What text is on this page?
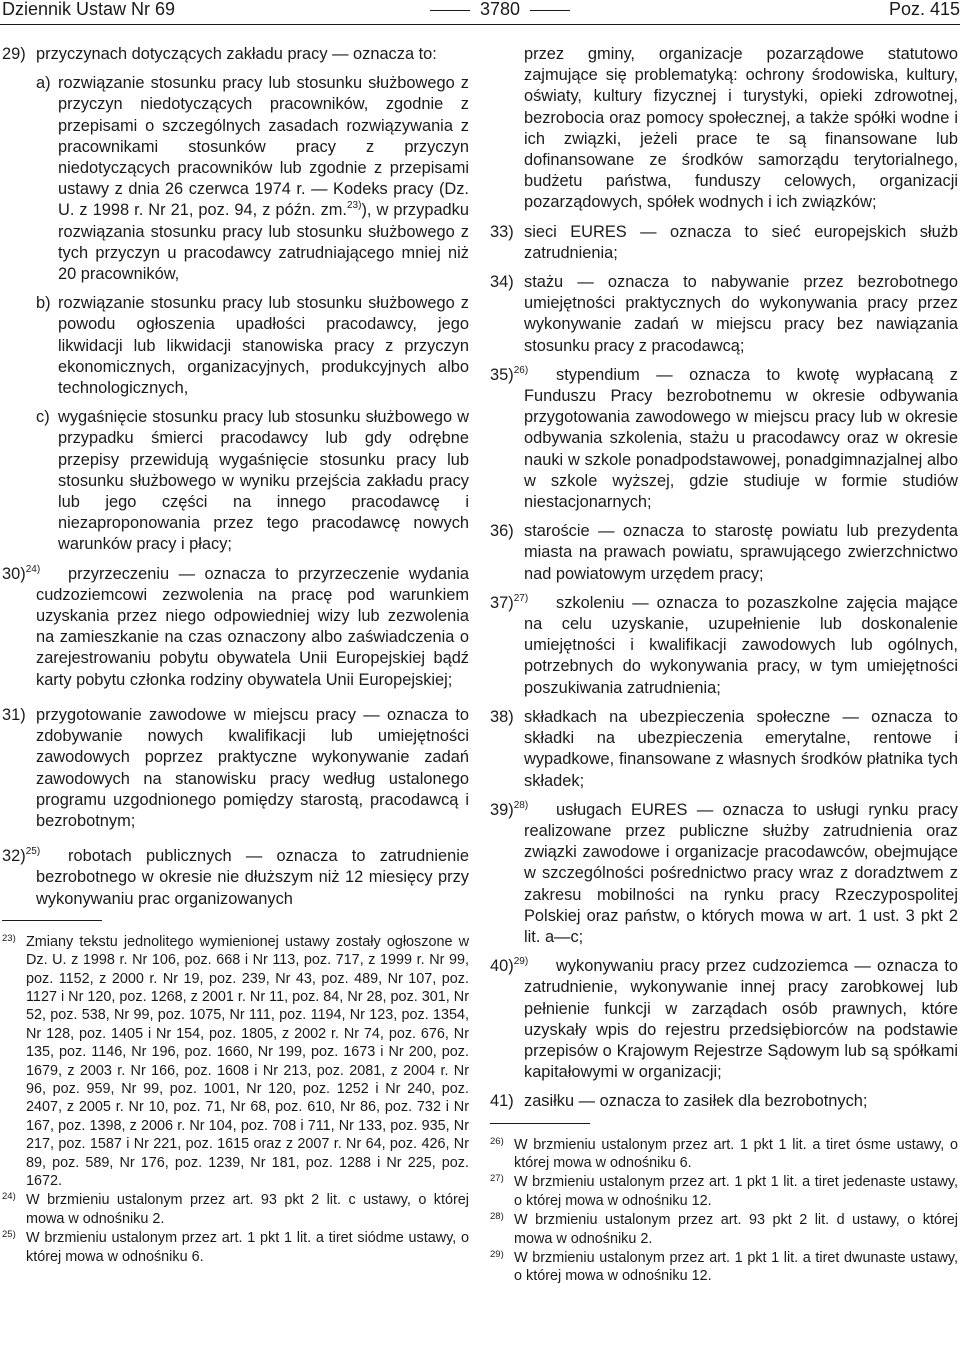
Dziennik Ustaw Nr 69	3780	Poz. 415
29) przyczynach dotyczących zakładu pracy — oznacza to:
a) rozwiązanie stosunku pracy lub stosunku służbowego z przyczyn niedotyczących pracowników, zgodnie z przepisami o szczególnych zasadach rozwiązywania z pracownikami stosunków pracy z przyczyn niedotyczących pracowników lub zgodnie z przepisami ustawy z dnia 26 czerwca 1974 r. — Kodeks pracy (Dz. U. z 1998 r. Nr 21, poz. 94, z późn. zm.$^{23)}$), w przypadku rozwiązania stosunku pracy lub stosunku służbowego z tych przyczyn u pracodawcy zatrudniającego mniej niż 20 pracowników,
b) rozwiązanie stosunku pracy lub stosunku służbowego z powodu ogłoszenia upadłości pracodawcy, jego likwidacji lub likwidacji stanowiska pracy z przyczyn ekonomicznych, organizacyjnych, produkcyjnych albo technologicznych,
c) wygaśnięcie stosunku pracy lub stosunku służbowego w przypadku śmierci pracodawcy lub gdy odrębne przepisy przewidują wygaśnięcie stosunku pracy lub stosunku służbowego w wyniku przejścia zakładu pracy lub jego części na innego pracodawcę i niezaproponowania przez tego pracodawcę nowych warunków pracy i płacy;
30)$^{24)}$ przyrzeczeniu — oznacza to przyrzeczenie wydania cudzoziemcowi zezwolenia na pracę pod warunkiem uzyskania przez niego odpowiedniej wizy lub zezwolenia na zamieszkanie na czas oznaczony albo zaświadczenia o zarejestrowaniu pobytu obywatela Unii Europejskiej bądź karty pobytu członka rodziny obywatela Unii Europejskiej;
31) przygotowanie zawodowe w miejscu pracy — oznacza to zdobywanie nowych kwalifikacji lub umiejętności zawodowych poprzez praktyczne wykonywanie zadań zawodowych na stanowisku pracy według ustalonego programu uzgodnionego pomiędzy starostą, pracodawcą i bezrobotnym;
32)$^{25)}$ robotach publicznych — oznacza to zatrudnienie bezrobotnego w okresie nie dłuższym niż 12 miesięcy przy wykonywaniu prac organizowanych
23) Zmiany tekstu jednolitego wymienionej ustawy zostały ogłoszone w Dz. U. z 1998 r. Nr 106, poz. 668 i Nr 113, poz. 717, z 1999 r. Nr 99, poz. 1152, z 2000 r. Nr 19, poz. 239, Nr 43, poz. 489, Nr 107, poz. 1127 i Nr 120, poz. 1268, z 2001 r. Nr 11, poz. 84, Nr 28, poz. 301, Nr 52, poz. 538, Nr 99, poz. 1075, Nr 111, poz. 1194, Nr 123, poz. 1354, Nr 128, poz. 1405 i Nr 154, poz. 1805, z 2002 r. Nr 74, poz. 676, Nr 135, poz. 1146, Nr 196, poz. 1660, Nr 199, poz. 1673 i Nr 200, poz. 1679, z 2003 r. Nr 166, poz. 1608 i Nr 213, poz. 2081, z 2004 r. Nr 96, poz. 959, Nr 99, poz. 1001, Nr 120, poz. 1252 i Nr 240, poz. 2407, z 2005 r. Nr 10, poz. 71, Nr 68, poz. 610, Nr 86, poz. 732 i Nr 167, poz. 1398, z 2006 r. Nr 104, poz. 708 i 711, Nr 133, poz. 935, Nr 217, poz. 1587 i Nr 221, poz. 1615 oraz z 2007 r. Nr 64, poz. 426, Nr 89, poz. 589, Nr 176, poz. 1239, Nr 181, poz. 1288 i Nr 225, poz. 1672.
24) W brzmieniu ustalonym przez art. 93 pkt 2 lit. c ustawy, o której mowa w odnośniku 2.
25) W brzmieniu ustalonym przez art. 1 pkt 1 lit. a tiret siódme ustawy, o której mowa w odnośniku 6.
przez gminy, organizacje pozarządowe statutowo zajmujące się problematyką: ochrony środowiska, kultury, oświaty, kultury fizycznej i turystyki, opieki zdrowotnej, bezrobocia oraz pomocy społecznej, a także spółki wodne i ich związki, jeżeli prace te są finansowane lub dofinansowane ze środków samorządu terytorialnego, budżetu państwa, funduszy celowych, organizacji pozarządowych, spółek wodnych i ich związków;
33) sieci EURES — oznacza to sieć europejskich służb zatrudnienia;
34) stażu — oznacza to nabywanie przez bezrobotnego umiejętności praktycznych do wykonywania pracy przez wykonywanie zadań w miejscu pracy bez nawiązania stosunku pracy z pracodawcą;
35)$^{26)}$ stypendium — oznacza to kwotę wypłacaną z Funduszu Pracy bezrobotnemu w okresie odbywania przygotowania zawodowego w miejscu pracy lub w okresie odbywania szkolenia, stażu u pracodawcy oraz w okresie nauki w szkole ponadpodstawowej, ponadgimnazjalnej albo w szkole wyższej, gdzie studiuje w formie studiów niestacjonarnych;
36) staroście — oznacza to starostę powiatu lub prezydenta miasta na prawach powiatu, sprawującego zwierzchnictwo nad powiatowym urzędem pracy;
37)$^{27)}$ szkoleniu — oznacza to pozaszkolne zajęcia mające na celu uzyskanie, uzupełnienie lub doskonalenie umiejętności i kwalifikacji zawodowych lub ogólnych, potrzebnych do wykonywania pracy, w tym umiejętności poszukiwania zatrudnienia;
38) składkach na ubezpieczenia społeczne — oznacza to składki na ubezpieczenia emerytalne, rentowe i wypadkowe, finansowane z własnych środków płatnika tych składek;
39)$^{28)}$ usługach EURES — oznacza to usługi rynku pracy realizowane przez publiczne służby zatrudnienia oraz związki zawodowe i organizacje pracodawców, obejmujące w szczególności pośrednictwo pracy wraz z doradztwem z zakresu mobilności na rynku pracy Rzeczypospolitej Polskiej oraz państw, o których mowa w art. 1 ust. 3 pkt 2 lit. a—c;
40)$^{29)}$ wykonywaniu pracy przez cudzoziemca — oznacza to zatrudnienie, wykonywanie innej pracy zarobkowej lub pełnienie funkcji w zarządach osób prawnych, które uzyskały wpis do rejestru przedsiębiorców na podstawie przepisów o Krajowym Rejestrze Sądowym lub są spółkami kapitałowymi w organizacji;
41) zasiłku — oznacza to zasiłek dla bezrobotnych;
26) W brzmieniu ustalonym przez art. 1 pkt 1 lit. a tiret ósme ustawy, o której mowa w odnośniku 6.
27) W brzmieniu ustalonym przez art. 1 pkt 1 lit. a tiret jedenaste ustawy, o której mowa w odnośniku 12.
28) W brzmieniu ustalonym przez art. 93 pkt 2 lit. d ustawy, o której mowa w odnośniku 2.
29) W brzmieniu ustalonym przez art. 1 pkt 1 lit. a tiret dwunaste ustawy, o której mowa w odnośniku 12.
